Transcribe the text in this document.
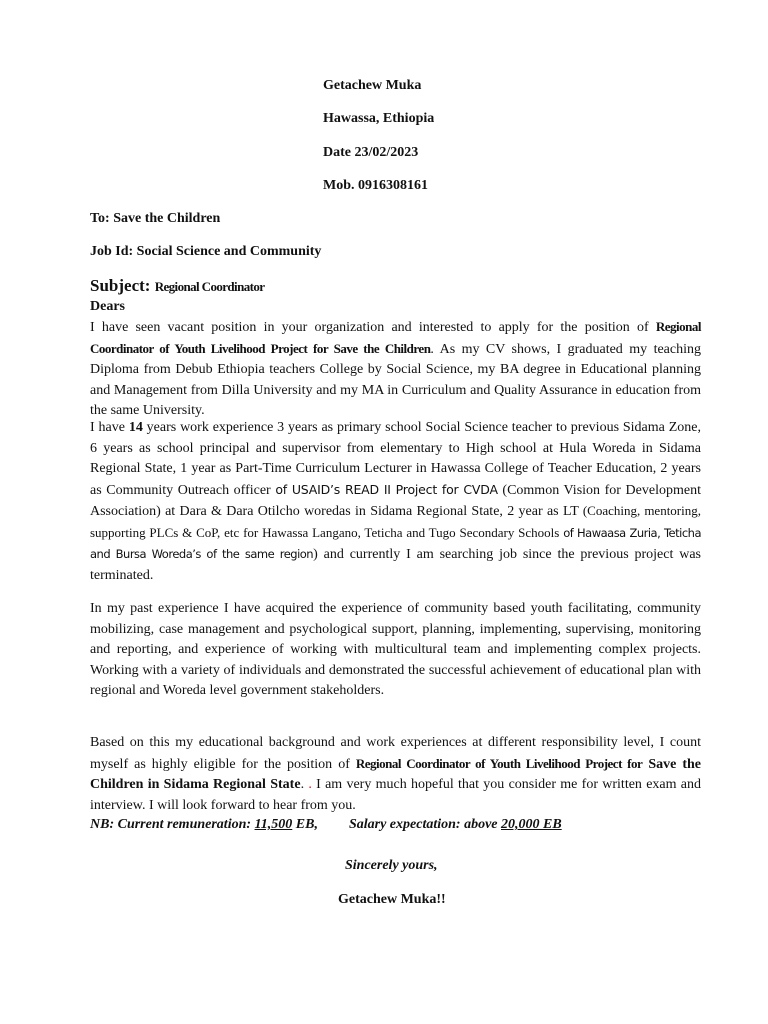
Getachew Muka
Hawassa, Ethiopia
Date 23/02/2023
Mob. 0916308161
To: Save the Children
Job Id: Social Science and Community
Subject: Regional Coordinator
Dears

I have seen vacant position in your organization and interested to apply for the position of Regional Coordinator of Youth Livelihood Project for Save the Children. As my CV shows, I graduated my teaching Diploma from Debub Ethiopia teachers College by Social Science, my BA degree in Educational planning and Management from Dilla University and my MA in Curriculum and Quality Assurance in education from the same University.

I have 14 years work experience 3 years as primary school Social Science teacher to previous Sidama Zone, 6 years as school principal and supervisor from elementary to High school at Hula Woreda in Sidama Regional State, 1 year as Part-Time Curriculum Lecturer in Hawassa College of Teacher Education, 2 years as Community Outreach officer of USAID’s READ II Project for CVDA (Common Vision for Development Association) at Dara & Dara Otilcho woredas in Sidama Regional State, 2 year as LT (Coaching, mentoring, supporting PLCs & CoP, etc for Hawassa Langano, Teticha and Tugo Secondary Schools of Hawaasa Zuria, Teticha and Bursa Woreda’s of the same region) and currently I am searching job since the previous project was terminated.

In my past experience I have acquired the experience of community based youth facilitating, community mobilizing, case management and psychological support, planning, implementing, supervising, monitoring and reporting, and experience of working with multicultural team and implementing complex projects. Working with a variety of individuals and demonstrated the successful achievement of educational plan with regional and Woreda level government stakeholders.

Based on this my educational background and work experiences at different responsibility level, I count myself as highly eligible for the position of Regional Coordinator of Youth Livelihood Project for Save the Children in Sidama Regional State. . I am very much hopeful that you consider me for written exam and interview. I will look forward to hear from you.

NB: Current remuneration: 11,500 EB, Salary expectation: above 20,000 EB
Sincerely yours,
Getachew Muka!!
